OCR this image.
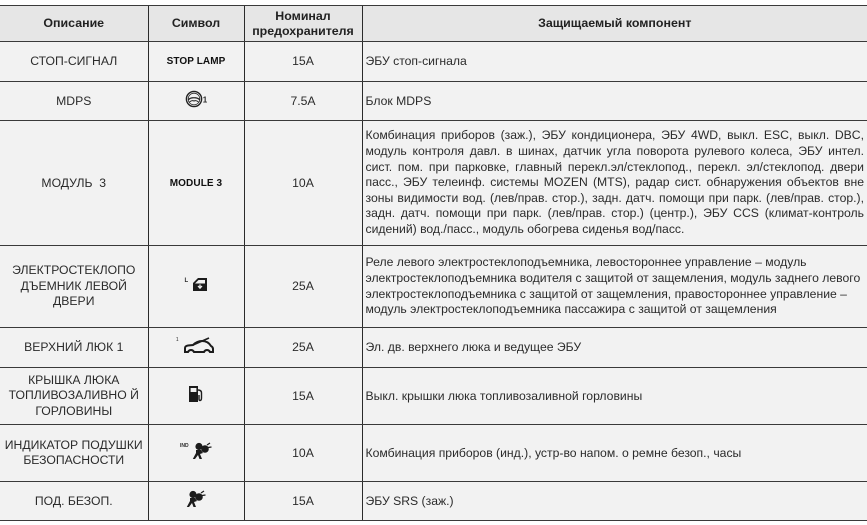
Описание	Символ	Номинал предохранителя	Защищаемый компонент
СТОП-СИГНАЛ	STOP LAMP	15A	ЭБУ стоп-сигнала
MDPS	1	7.5A	Блок MDPS
МОДУЛЬ  3	MODULE 3	10A	Комбинация приборов (заж.), ЭБУ кондиционера, ЭБУ 4WD, выкл. ESC, выкл. DBC, модуль контроля давл. в шинах, датчик угла поворота рулевого колеса, ЭБУ интел. сист. пом. при парковке, главный перекл.эл/стеклопод., перекл. эл/стеклопод. двери пасс., ЭБУ телеинф. системы MOZEN (MTS), радар сист. обнаружения объектов вне зоны видимости вод. (лев/прав. стор.), задн. датч. помощи при парк. (лев/прав. стор.), задн. датч. помощи при парк. (лев/прав. стор.) (центр.), ЭБУ CCS (климат-контроль сидений) вод./пасс., модуль обогрева сиденья вод/пасс.
ЭЛЕКТРОСТЕКЛОПО ДЪЕМНИК ЛЕВОЙ ДВЕРИ	$^L$	25A	Реле левого электростеклоподъемника, левостороннее управление – модуль электростеклоподъемника водителя с защитой от защемления, модуль заднего левого электростеклоподъемника с защитой от защемления, правостороннее управление – модуль электростеклоподъемника пассажира с защитой от защемления
ВЕРХНИЙ ЛЮК 1	$^1$	25A	Эл. дв. верхнего люка и ведущее ЭБУ
КРЫШКА ЛЮКА ТОПЛИВОЗАЛИВНО Й ГОРЛОВИНЫ		15A	Выкл. крышки люка топливозаливной горловины
ИНДИКАТОР ПОДУШКИ БЕЗОПАСНОСТИ	$^{IND}$	10A	Комбинация приборов (инд.), устр-во напом. о ремне безоп., часы
ПОД. БЕЗОП.		15A	ЭБУ SRS (заж.)
